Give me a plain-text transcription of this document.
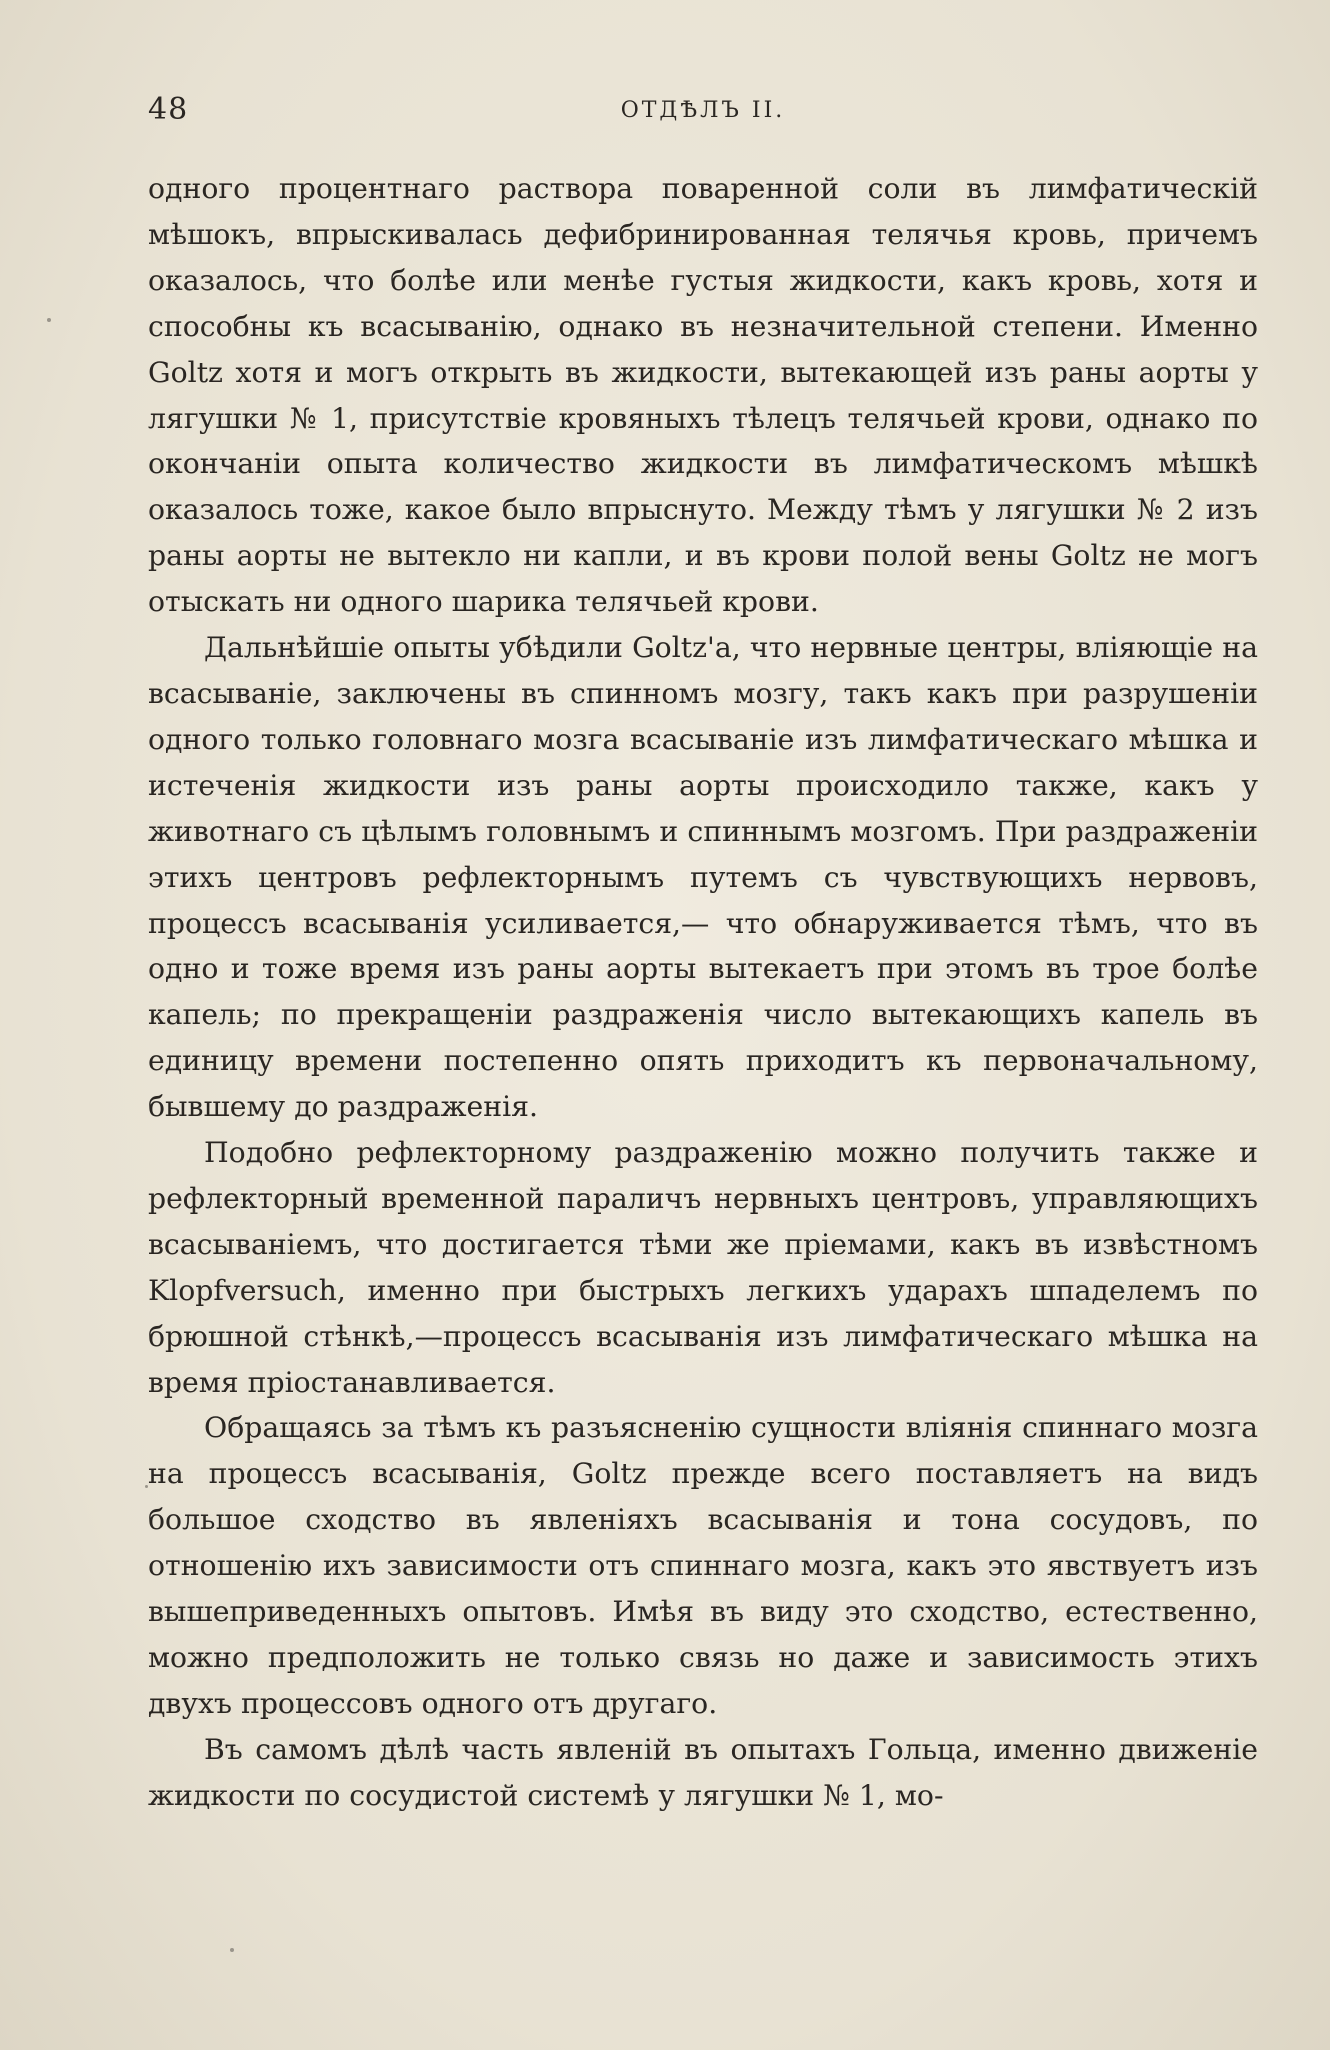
48	ОТДѢЛЪ II.

одного процентнаго раствора поваренной соли въ лимфатическій мѣшокъ, впрыскивалась дефибринированная телячья кровь, причемъ оказалось, что болѣе или менѣе густыя жидкости, какъ кровь, хотя и способны къ всасыванію, однако въ незначительной степени. Именно Goltz хотя и могъ открыть въ жидкости, вытекающей изъ раны аорты у лягушки № 1, присутствіе кровяныхъ тѣлецъ телячьей крови, однако по окончаніи опыта количество жидкости въ лимфатическомъ мѣшкѣ оказалось тоже, какое было впрыснуто. Между тѣмъ у лягушки № 2 изъ раны аорты не вытекло ни капли, и въ крови полой вены Goltz не могъ отыскать ни одного шарика телячьей крови.

Дальнѣйшіе опыты убѣдили Goltz'а, что нервные центры, вліяющіе на всасываніе, заключены въ спинномъ мозгу, такъ какъ при разрушеніи одного только головнаго мозга всасываніе изъ лимфатическаго мѣшка и истеченія жидкости изъ раны аорты происходило также, какъ у животнаго съ цѣлымъ головнымъ и спиннымъ мозгомъ. При раздраженіи этихъ центровъ рефлекторнымъ путемъ съ чувствующихъ нервовъ, процессъ всасыванія усиливается,— что обнаруживается тѣмъ, что въ одно и тоже время изъ раны аорты вытекаетъ при этомъ въ трое болѣе капель; по прекращеніи раздраженія число вытекающихъ капель въ единицу времени постепенно опять приходитъ къ первоначальному, бывшему до раздраженія.

Подобно рефлекторному раздраженію можно получить также и рефлекторный временной параличъ нервныхъ центровъ, управляющихъ всасываніемъ, что достигается тѣми же пріемами, какъ въ извѣстномъ Klopfversuch, именно при быстрыхъ легкихъ ударахъ шпаделемъ по брюшной стѣнкѣ,—процессъ всасыванія изъ лимфатическаго мѣшка на время пріостанавливается.

Обращаясь за тѣмъ къ разъясненію сущности вліянія спиннаго мозга на процессъ всасыванія, Goltz прежде всего поставляетъ на видъ большое сходство въ явленіяхъ всасыванія и тона сосудовъ, по отношенію ихъ зависимости отъ спиннаго мозга, какъ это явствуетъ изъ вышеприведенныхъ опытовъ. Имѣя въ виду это сходство, естественно, можно предположить не только связь но даже и зависимость этихъ двухъ процессовъ одного отъ другаго.

Въ самомъ дѣлѣ часть явленій въ опытахъ Гольца, именно движеніе жидкости по сосудистой системѣ у лягушки № 1, мо-
